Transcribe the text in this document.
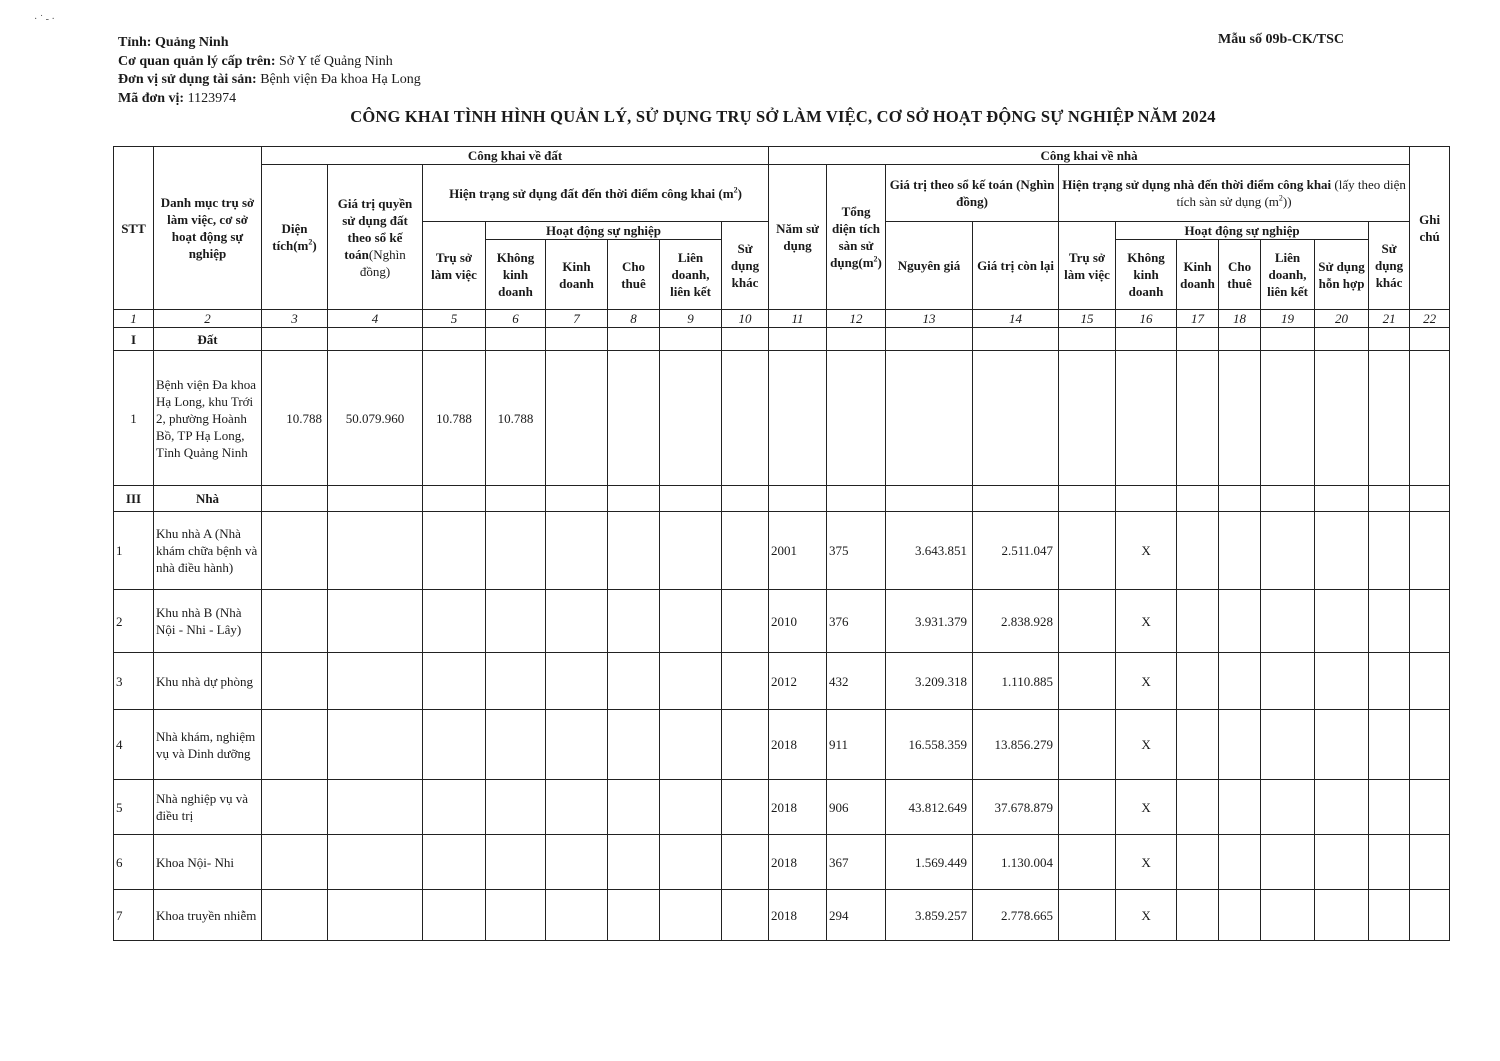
· ˙ ‑ ·
Tỉnh: Quảng Ninh
Cơ quan quản lý cấp trên: Sở Y tế Quảng Ninh
Đơn vị sử dụng tài sản: Bệnh viện Đa khoa Hạ Long
Mã đơn vị: 1123974
Mẫu số 09b-CK/TSC
CÔNG KHAI TÌNH HÌNH QUẢN LÝ, SỬ DỤNG TRỤ SỞ LÀM VIỆC, CƠ SỞ HOẠT ĐỘNG SỰ NGHIỆP NĂM 2024
STT	Danh mục trụ sở làm việc, cơ sở hoạt động sự nghiệp	Công khai về đất								Công khai về nhà											Ghi chú
		Diện $tích(m^2)$	Giá trị quyền sử dụng đất theo sổ kế toán(Nghìn đồng)	Hiện trạng sử dụng đất đến thời điểm công khai $(m^2)$						Năm sử dụng	Tổng diện tích sàn sử $dụng(m^2)$	Giá trị theo sổ kế toán (Nghìn đồng)		Hiện trạng sử dụng nhà đến thời điểm công khai (lấy theo diện tích sàn sử dụng $(m^2)$)							
				Trụ sở làm việc	Hoạt động sự nghiệp				Sử dụng khác			Nguyên giá	Giá trị còn lại	Trụ sở làm việc	Hoạt động sự nghiệp					Sử dụng khác	
					Không kinh doanh	Kinh doanh	Cho thuê	Liên doanh, liên kết							Không kinh doanh	Kinh doanh	Cho thuê	Liên doanh, liên kết	Sử dụng hỗn hợp		
1	2	3	4	5	6	7	8	9	10	11	12	13	14	15	16	17	18	19	20	21	22
I	Đất																				
1	Bệnh viện Đa khoa Hạ Long, khu Trới 2, phường Hoành Bồ, TP Hạ Long, Tỉnh Quảng Ninh	10.788	50.079.960	10.788	10.788																
III	Nhà																				
1	Khu nhà A (Nhà khám chữa bệnh và nhà điều hành)									2001	375	3.643.851	2.511.047		X						
2	Khu nhà B (Nhà Nội - Nhi - Lây)									2010	376	3.931.379	2.838.928		X						
3	Khu nhà dự phòng									2012	432	3.209.318	1.110.885		X						
4	Nhà khám, nghiệm vụ và Dinh dưỡng									2018	911	16.558.359	13.856.279		X						
5	Nhà nghiệp vụ và điều trị									2018	906	43.812.649	37.678.879		X						
6	Khoa Nội- Nhi									2018	367	1.569.449	1.130.004		X						
7	Khoa truyền nhiễm									2018	294	3.859.257	2.778.665		X						
